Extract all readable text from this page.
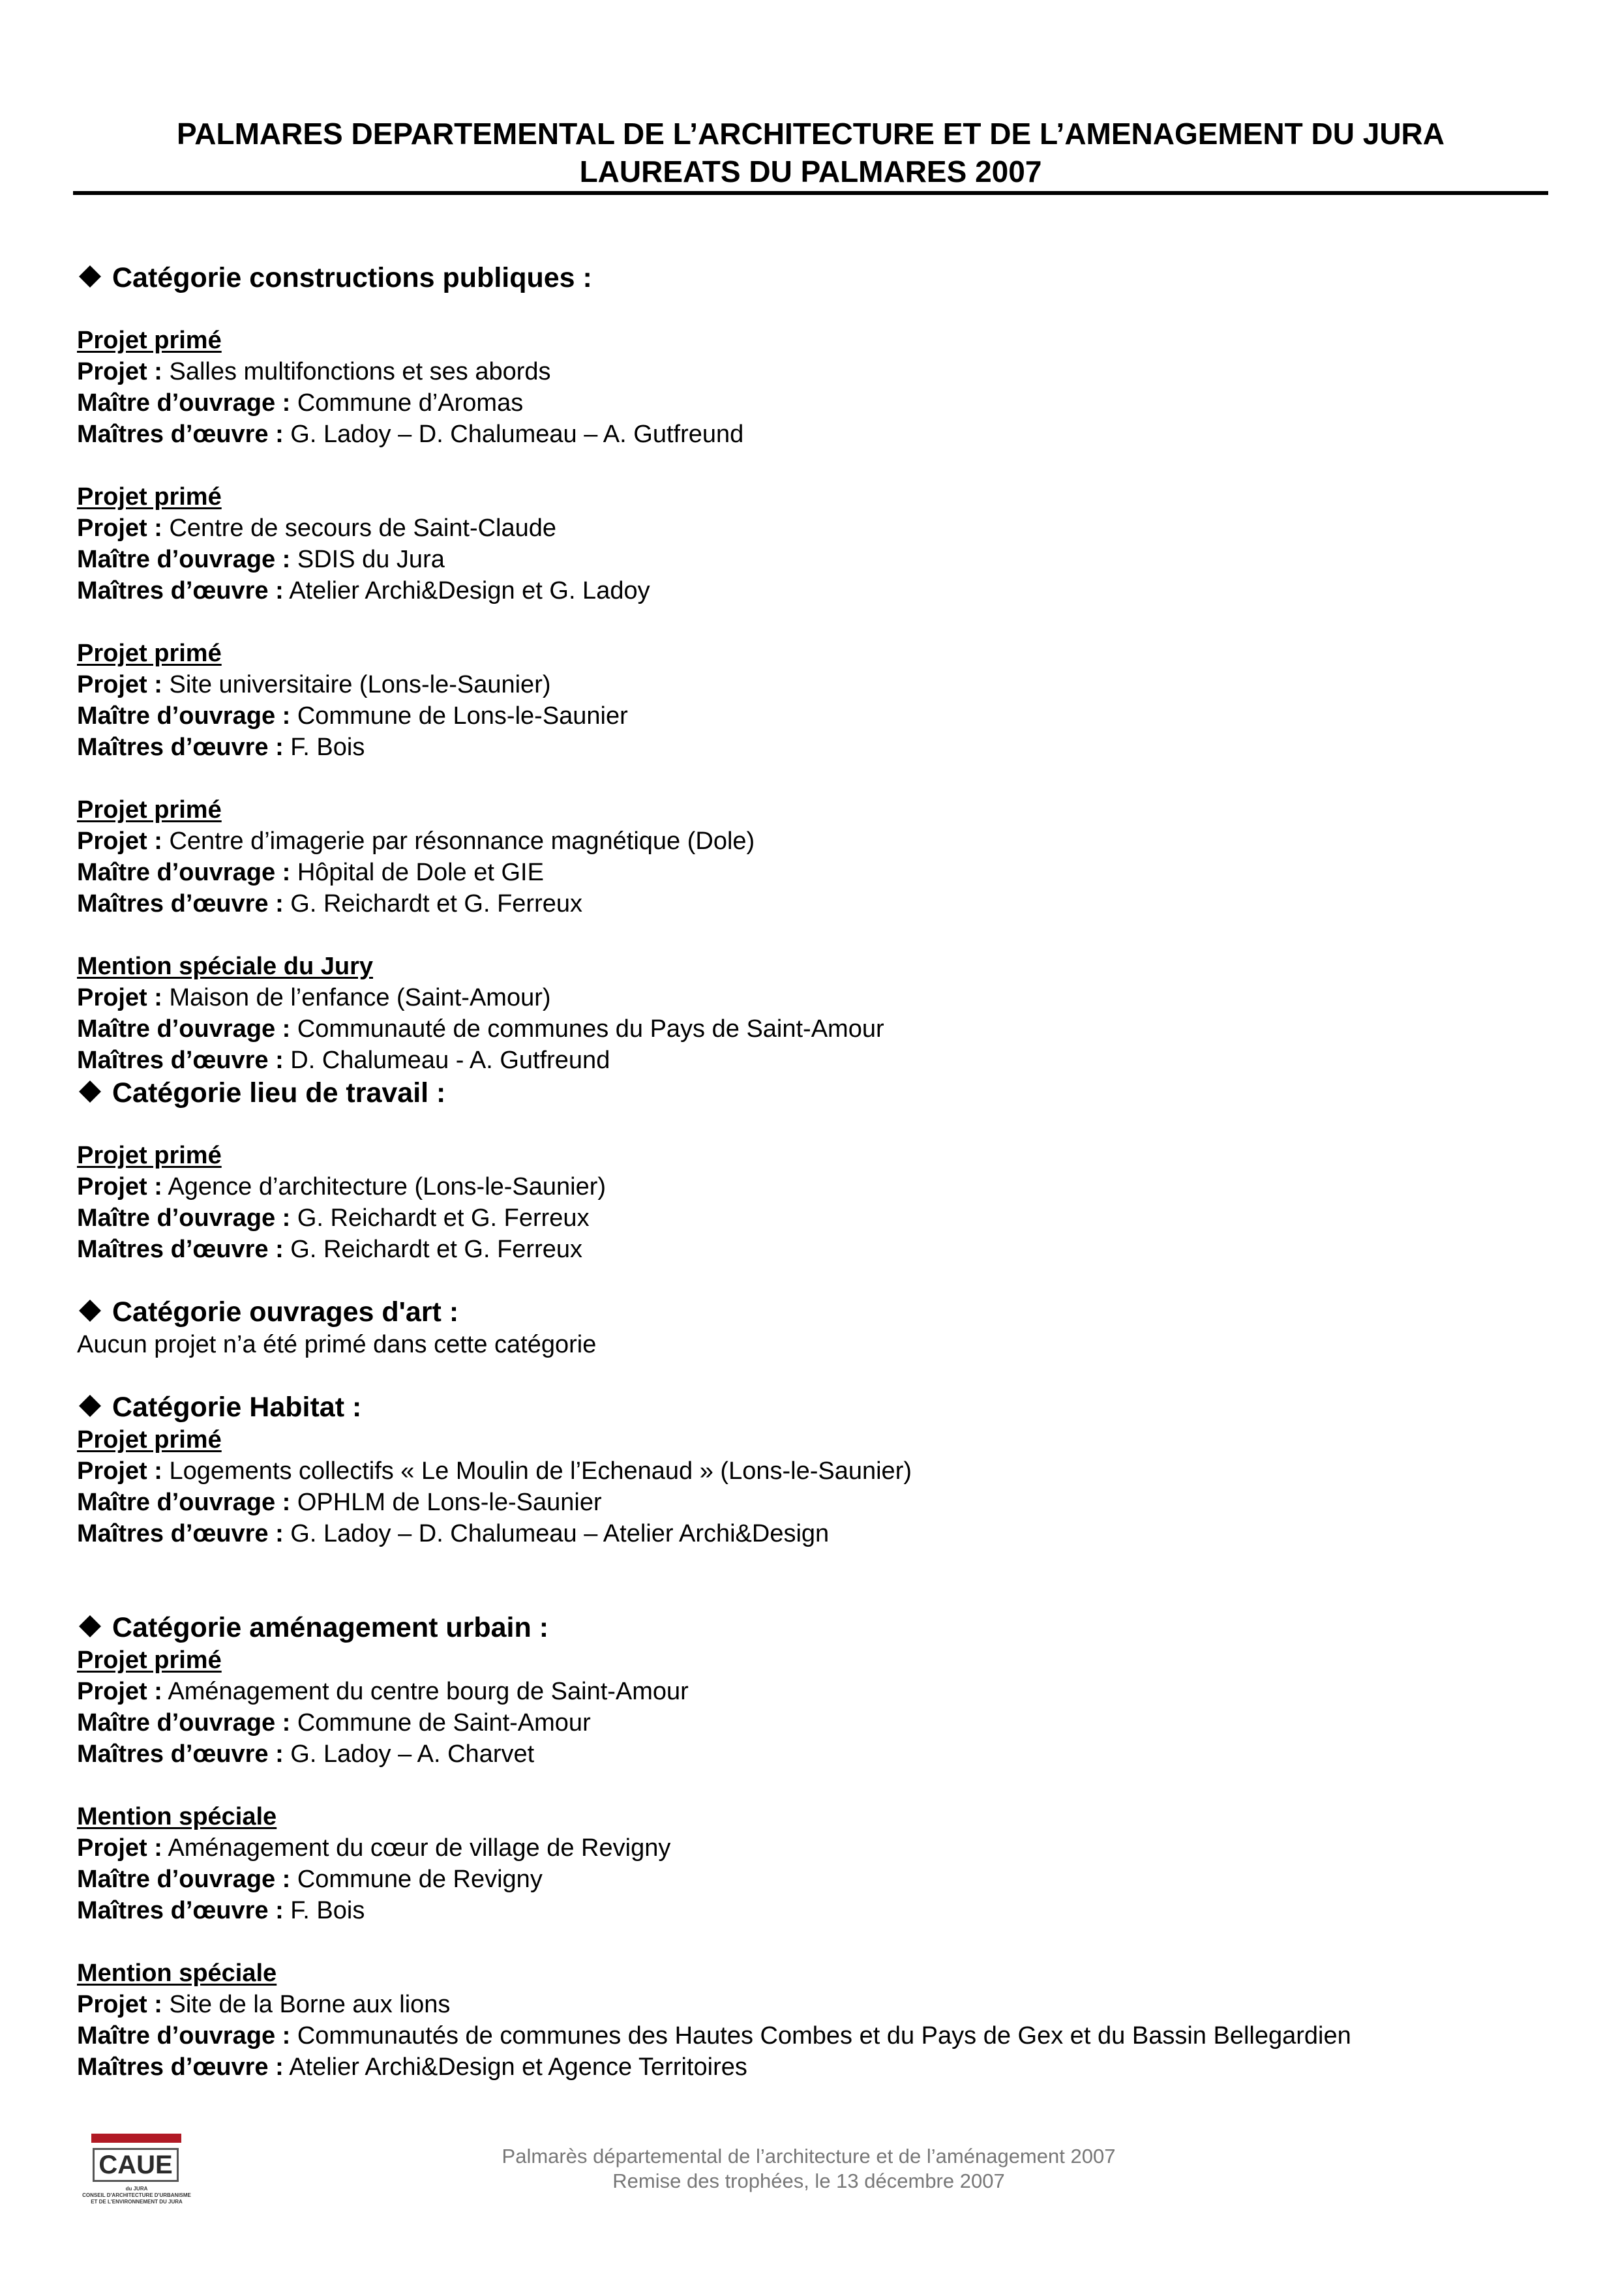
PALMARES DEPARTEMENTAL DE L’ARCHITECTURE ET DE L’AMENAGEMENT DU JURA
LAUREATS DU PALMARES 2007
Catégorie constructions publiques :
Projet primé
Projet : Salles multifonctions et ses abords
Maître d’ouvrage : Commune d’Aromas
Maîtres d’œuvre : G. Ladoy – D. Chalumeau – A. Gutfreund
Projet primé
Projet : Centre de secours de Saint-Claude
Maître d’ouvrage : SDIS du Jura
Maîtres d’œuvre : Atelier Archi&Design et G. Ladoy
Projet primé
Projet : Site universitaire (Lons-le-Saunier)
Maître d’ouvrage : Commune de Lons-le-Saunier
Maîtres d’œuvre : F. Bois
Projet primé
Projet : Centre d’imagerie par résonnance magnétique (Dole)
Maître d’ouvrage : Hôpital de Dole et GIE
Maîtres d’œuvre : G. Reichardt et G. Ferreux
Mention spéciale du Jury
Projet : Maison de l’enfance (Saint-Amour)
Maître d’ouvrage : Communauté de communes du Pays de Saint-Amour
Maîtres d’œuvre : D. Chalumeau - A. Gutfreund
Catégorie lieu de travail :
Projet primé
Projet : Agence d’architecture (Lons-le-Saunier)
Maître d’ouvrage : G. Reichardt et G. Ferreux
Maîtres d’œuvre : G. Reichardt et G. Ferreux
Catégorie ouvrages d'art :
Aucun projet n’a été primé dans cette catégorie
Catégorie Habitat :
Projet primé
Projet : Logements collectifs « Le Moulin de l’Echenaud » (Lons-le-Saunier)
Maître d’ouvrage : OPHLM de Lons-le-Saunier
Maîtres d’œuvre : G. Ladoy – D. Chalumeau – Atelier Archi&Design
Catégorie aménagement urbain :
Projet primé
Projet : Aménagement du centre bourg de Saint-Amour
Maître d’ouvrage : Commune de Saint-Amour
Maîtres d’œuvre : G. Ladoy – A. Charvet
Mention spéciale
Projet : Aménagement du cœur de village de Revigny
Maître d’ouvrage : Commune de Revigny
Maîtres d’œuvre : F. Bois
Mention spéciale
Projet : Site de la Borne aux lions
Maître d’ouvrage : Communautés de communes des Hautes Combes et du Pays de Gex et du Bassin Bellegardien
Maîtres d’œuvre : Atelier Archi&Design et Agence Territoires
CAUE
du JURA
CONSEIL D'ARCHITECTURE D'URBANISME ET DE L'ENVIRONNEMENT DU JURA
Palmarès départemental de l’architecture et de l’aménagement 2007
Remise des trophées, le 13 décembre 2007
